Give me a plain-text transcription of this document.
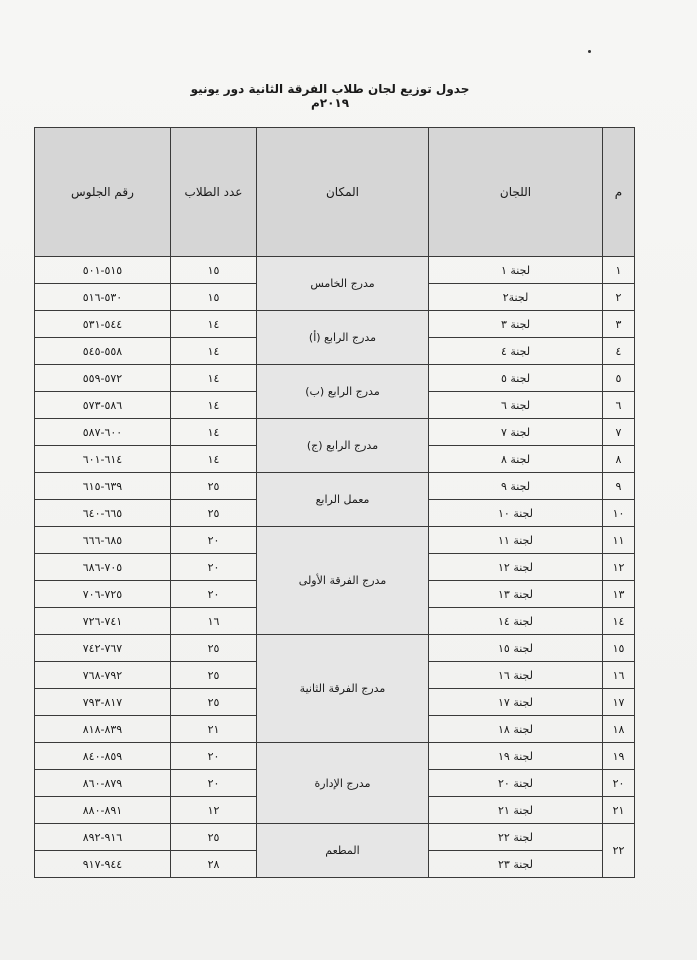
جدول توزيع لجان طلاب الفرقة الثانية دور يونيو ٢٠١٩م
م	اللجان	المكان	عدد الطلاب	رقم الجلوس
١	لجنة ١	مدرج الخامس	١٥	٥١٥-٥٠١
٢	لجنة٢		١٥	٥٣٠-٥١٦
٣	لجنة ٣	مدرج الرابع (أ)	١٤	٥٤٤-٥٣١
٤	لجنة ٤		١٤	٥٥٨-٥٤٥
٥	لجنة ٥	مدرج الرابع (ب)	١٤	٥٧٢-٥٥٩
٦	لجنة ٦		١٤	٥٨٦-٥٧٣
٧	لجنة ٧	مدرج الرابع (ج)	١٤	٦٠٠-٥٨٧
٨	لجنة ٨		١٤	٦١٤-٦٠١
٩	لجنة ٩	معمل الرابع	٢٥	٦٣٩-٦١٥
١٠	لجنة ١٠		٢٥	٦٦٥-٦٤٠
١١	لجنة ١١	مدرج الفرقة الأولى	٢٠	٦٨٥-٦٦٦
١٢	لجنة ١٢		٢٠	٧٠٥-٦٨٦
١٣	لجنة ١٣		٢٠	٧٢٥-٧٠٦
١٤	لجنة ١٤		١٦	٧٤١-٧٢٦
١٥	لجنة ١٥	مدرج الفرقة الثانية	٢٥	٧٦٧-٧٤٢
١٦	لجنة ١٦		٢٥	٧٩٢-٧٦٨
١٧	لجنة ١٧		٢٥	٨١٧-٧٩٣
١٨	لجنة ١٨		٢١	٨٣٩-٨١٨
١٩	لجنة ١٩	مدرج الإدارة	٢٠	٨٥٩-٨٤٠
٢٠	لجنة ٢٠		٢٠	٨٧٩-٨٦٠
٢١	لجنة ٢١		١٢	٨٩١-٨٨٠
٢٢	لجنة ٢٢	المطعم	٢٥	٩١٦-٨٩٢
	لجنة ٢٣		٢٨	٩٤٤-٩١٧
